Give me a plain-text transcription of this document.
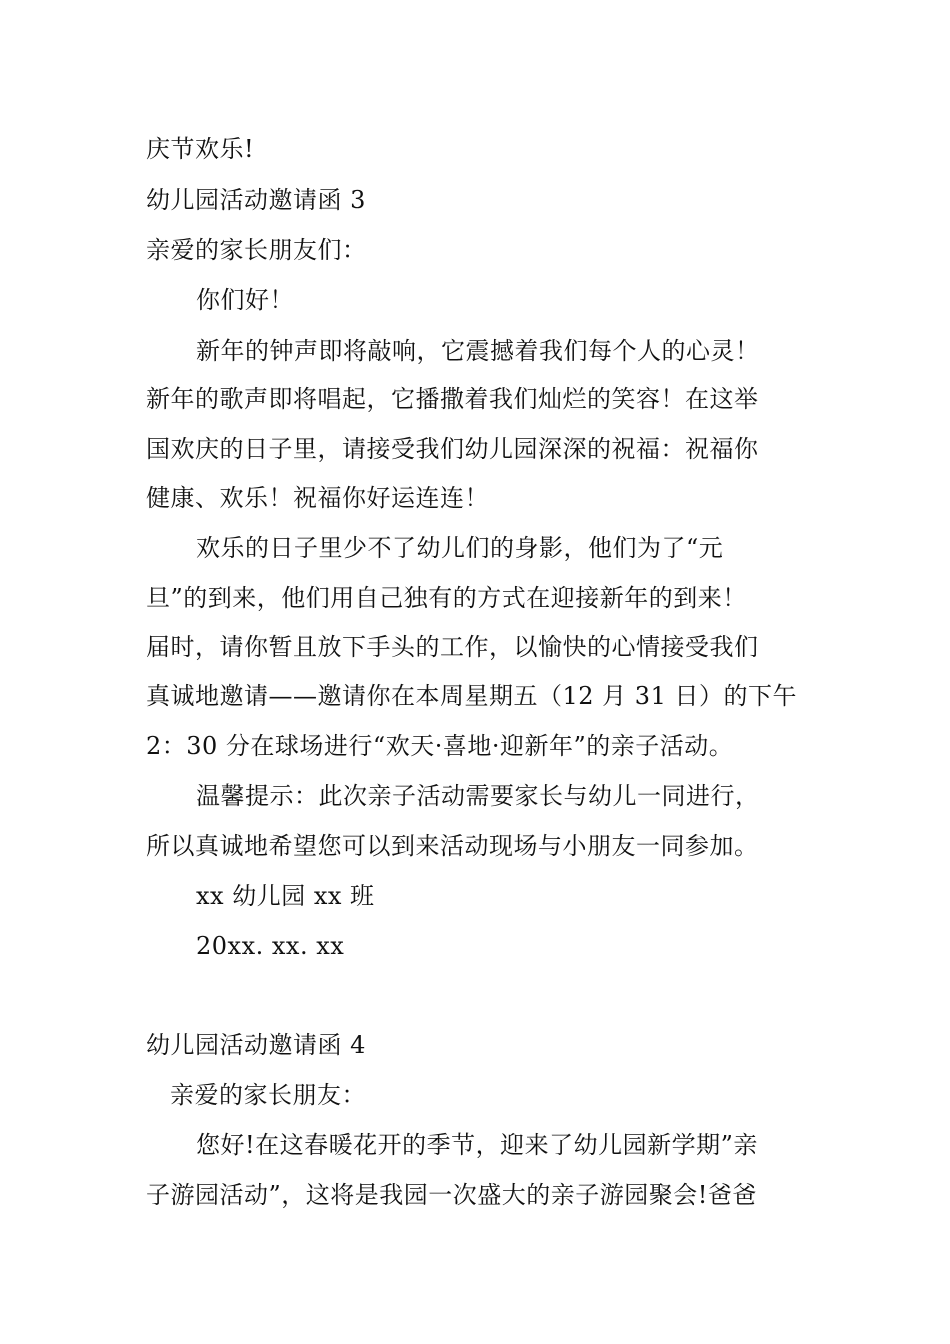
庆节欢乐!
幼儿园活动邀请函 3
亲爱的家长朋友们：
你们好！
新年的钟声即将敲响，它震撼着我们每个人的心灵！
新年的歌声即将唱起，它播撒着我们灿烂的笑容！在这举
国欢庆的日子里，请接受我们幼儿园深深的祝福：祝福你
健康、欢乐！祝福你好运连连！
欢乐的日子里少不了幼儿们的身影，他们为了“元
旦”的到来，他们用自己独有的方式在迎接新年的到来！
届时，请你暂且放下手头的工作，以愉快的心情接受我们
真诚地邀请——邀请你在本周星期五（12 月 31 日）的下午
2：30 分在球场进行“欢天·喜地·迎新年”的亲子活动。
温馨提示：此次亲子活动需要家长与幼儿一同进行，
所以真诚地希望您可以到来活动现场与小朋友一同参加。
xx 幼儿园 xx 班
20xx. xx. xx
幼儿园活动邀请函 4
亲爱的家长朋友：
您好!在这春暖花开的季节，迎来了幼儿园新学期”亲
子游园活动”，这将是我园一次盛大的亲子游园聚会!爸爸
